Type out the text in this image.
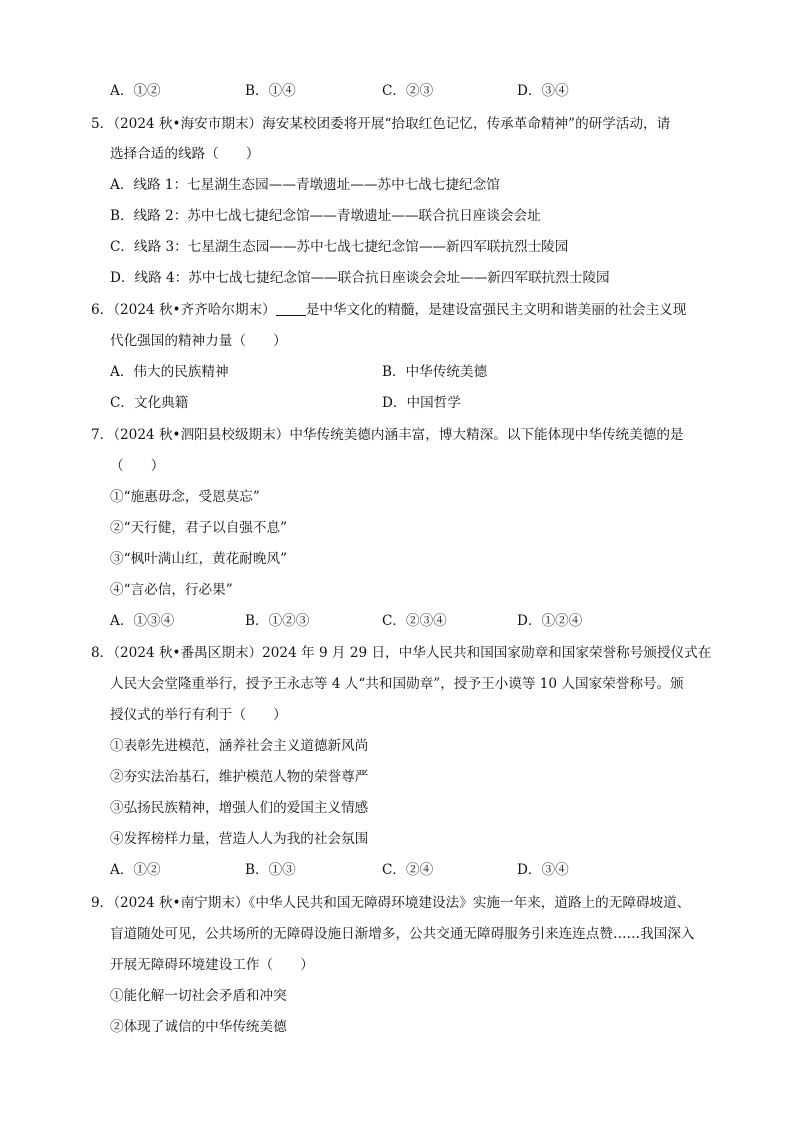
A．①②	B．①④	C．②③	D．③④
5．（2024 秋•海安市期末）海安某校团委将开展“拾取红色记忆，传承革命精神”的研学活动，请
选择合适的线路（　　）
A．线路 1：七星湖生态园——青墩遗址——苏中七战七捷纪念馆
B．线路 2：苏中七战七捷纪念馆——青墩遗址——联合抗日座谈会会址
C．线路 3：七星湖生态园——苏中七战七捷纪念馆——新四军联抗烈士陵园
D．线路 4：苏中七战七捷纪念馆——联合抗日座谈会会址——新四军联抗烈士陵园
6．（2024 秋•齐齐哈尔期末） 是中华文化的精髓，是建设富强民主文明和谐美丽的社会主义现
代化强国的精神力量（　　）
A．伟大的民族精神	B．中华传统美德
C．文化典籍	D．中国哲学
7．（2024 秋•泗阳县校级期末）中华传统美德内涵丰富，博大精深。以下能体现中华传统美德的是
（　　）
①“施惠毋念，受恩莫忘”
②“天行健，君子以自强不息”
③“枫叶满山红，黄花耐晚风”
④“言必信，行必果”
A．①③④	B．①②③	C．②③④	D．①②④
8．（2024 秋•番禺区期末）2024 年 9 月 29 日，中华人民共和国国家勋章和国家荣誉称号颁授仪式在
人民大会堂隆重举行，授予王永志等 4 人“共和国勋章”，授予王小谟等 10 人国家荣誉称号。颁
授仪式的举行有利于（　　）
①表彰先进模范，涵养社会主义道德新风尚
②夯实法治基石，维护模范人物的荣誉尊严
③弘扬民族精神，增强人们的爱国主义情感
④发挥榜样力量，营造人人为我的社会氛围
A．①②	B．①③	C．②④	D．③④
9．（2024 秋•南宁期末）《中华人民共和国无障碍环境建设法》实施一年来，道路上的无障碍坡道、
盲道随处可见，公共场所的无障碍设施日渐增多，公共交通无障碍服务引来连连点赞……我国深入
开展无障碍环境建设工作（　　）
①能化解一切社会矛盾和冲突
②体现了诚信的中华传统美德
